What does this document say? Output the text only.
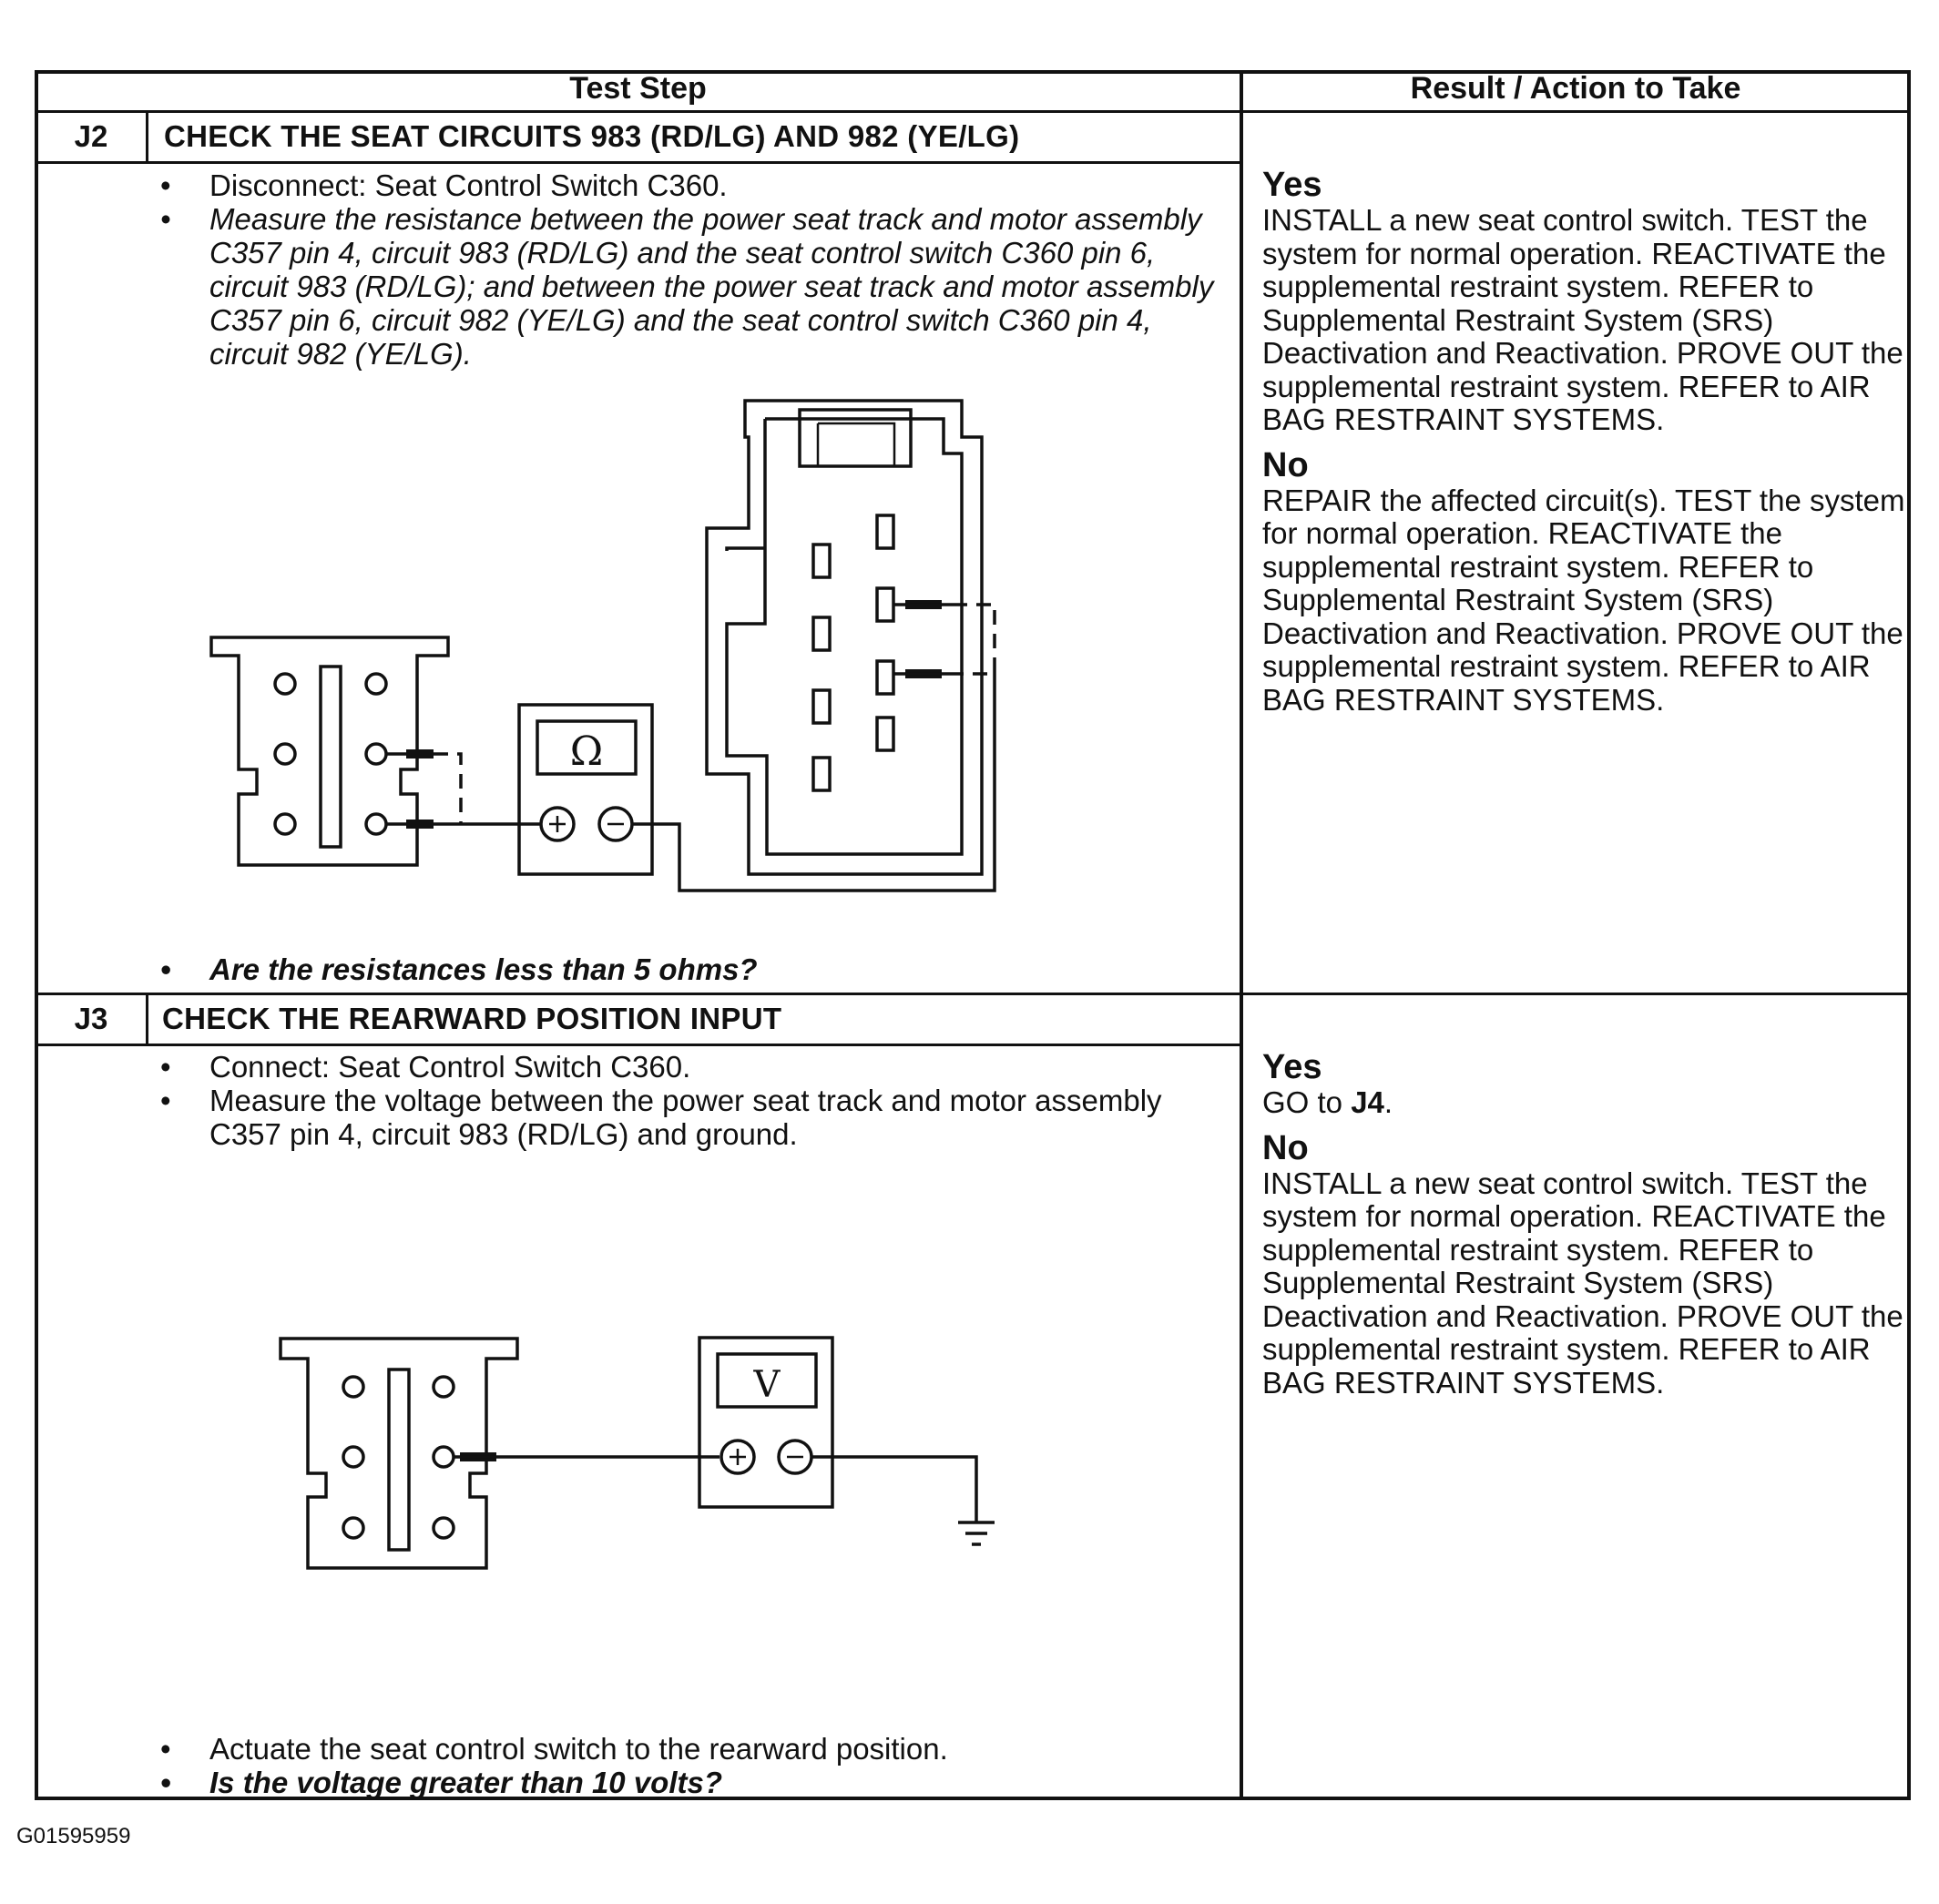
Test Step	Result / Action to Take
J2	CHECK THE SEAT CIRCUITS 983 (RD/LG) AND 982 (YE/LG)
• Disconnect: Seat Control Switch C360.
• Measure the resistance between the power seat track and motor assembly C357 pin 4, circuit 983 (RD/LG) and the seat control switch C360 pin 6, circuit 983 (RD/LG); and between the power seat track and motor assembly C357 pin 6, circuit 982 (YE/LG) and the seat control switch C360 pin 4, circuit 982 (YE/LG).
Ω
• Are the resistances less than 5 ohms?

Yes

INSTALL a new seat control switch. TEST the system for normal operation. REACTIVATE the supplemental restraint system. REFER to Supplemental Restraint System (SRS) Deactivation and Reactivation. PROVE OUT the supplemental restraint system. REFER to AIR BAG RESTRAINT SYSTEMS.

No

REPAIR the affected circuit(s). TEST the system for normal operation. REACTIVATE the supplemental restraint system. REFER to Supplemental Restraint System (SRS) Deactivation and Reactivation. PROVE OUT the supplemental restraint system. REFER to AIR BAG RESTRAINT SYSTEMS.

J3	CHECK THE REARWARD POSITION INPUT
• Connect: Seat Control Switch C360.
• Measure the voltage between the power seat track and motor assembly C357 pin 4, circuit 983 (RD/LG) and ground.
V
• Actuate the seat control switch to the rearward position.
• Is the voltage greater than 10 volts?

Yes

GO to J4.

No

INSTALL a new seat control switch. TEST the system for normal operation. REACTIVATE the supplemental restraint system. REFER to Supplemental Restraint System (SRS) Deactivation and Reactivation. PROVE OUT the supplemental restraint system. REFER to AIR BAG RESTRAINT SYSTEMS.

G01595959
